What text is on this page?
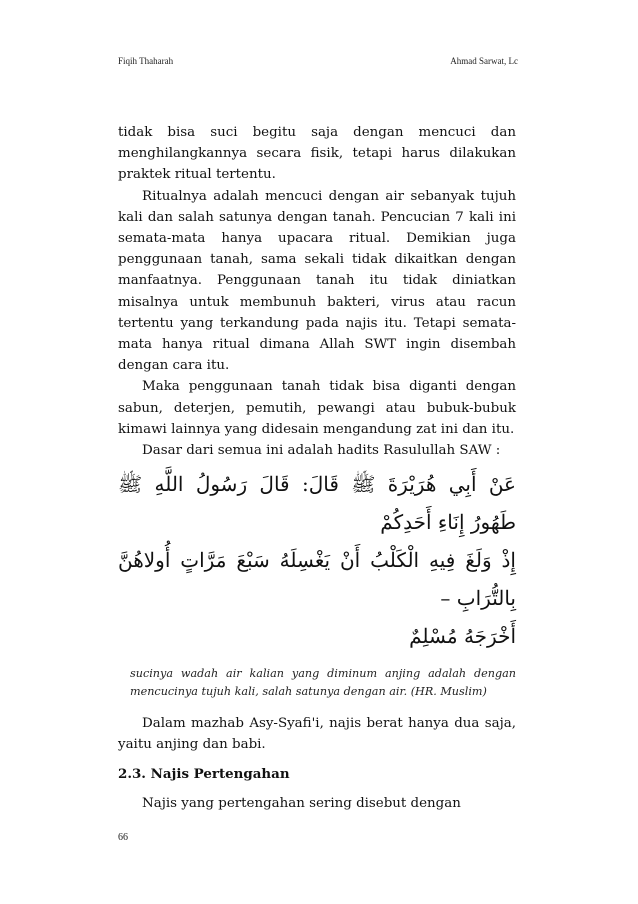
Fiqih Thaharah	Ahmad Sarwat, Lc

tidak bisa suci begitu saja dengan mencuci dan menghilangkannya secara fisik, tetapi harus dilakukan praktek ritual tertentu.

Ritualnya adalah mencuci dengan air sebanyak tujuh kali dan salah satunya dengan tanah. Pencucian 7 kali ini semata-mata hanya upacara ritual. Demikian juga penggunaan tanah, sama sekali tidak dikaitkan dengan manfaatnya. Penggunaan tanah itu tidak diniatkan misalnya untuk membunuh bakteri, virus atau racun tertentu yang terkandung pada najis itu. Tetapi semata-mata hanya ritual dimana Allah SWT ingin disembah dengan cara itu.

Maka penggunaan tanah tidak bisa diganti dengan sabun, deterjen, pemutih, pewangi atau bubuk-bubuk kimawi lainnya yang didesain mengandung zat ini dan itu.

Dasar dari semua ini adalah hadits Rasulullah SAW :

عَنْ أَبِي هُرَيْرَةَ ﷺ قَالَ: قَالَ رَسُولُ اللَّهِ ﷺ طَهُورُ إِنَاءِ أَحَدِكُمْ
إِذْ وَلَغَ فِيهِ الْكَلْبُ أَنْ يَغْسِلَهُ سَبْعَ مَرَّاتٍ أُولاهُنَّ بِالتُّرَابِ –
أَخْرَجَهُ مُسْلِمٌ

sucinya wadah air kalian yang diminum anjing adalah dengan mencucinya tujuh kali, salah satunya dengan air. (HR. Muslim)

Dalam mazhab Asy-Syafi'i, najis berat hanya dua saja, yaitu anjing dan babi.

2.3. Najis Pertengahan

Najis yang pertengahan sering disebut dengan

66
